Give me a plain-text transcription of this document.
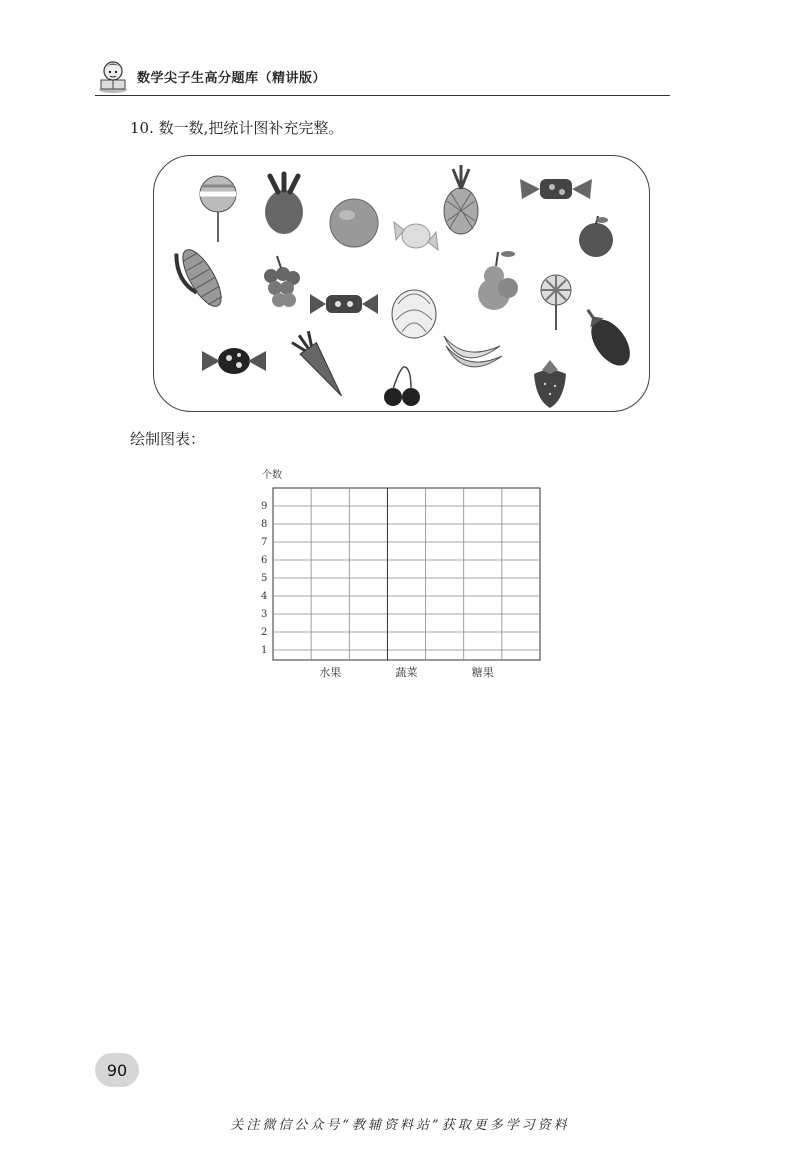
数学尖子生高分题库（精讲版）
10. 数一数,把统计图补充完整。
绘制图表：
个数
1
2
3
4
5
6
7
8
9
水果	蔬菜	糖果
90
关注微信公众号“教辅资料站”获取更多学习资料
